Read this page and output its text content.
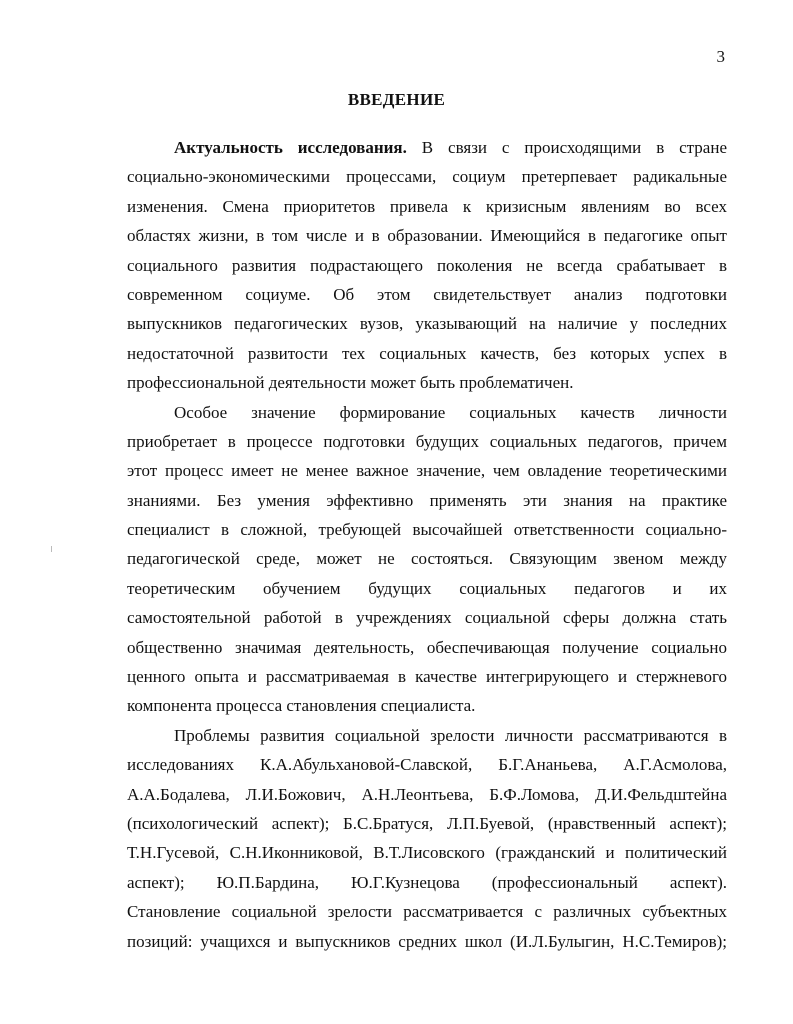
3
ВВЕДЕНИЕ
Актуальность исследования. В связи с происходящими в стране
социально-экономическими процессами, социум претерпевает радикальные
изменения. Смена приоритетов привела к кризисным явлениям во всех
областях жизни, в том числе и в образовании. Имеющийся в педагогике опыт
социального развития подрастающего поколения не всегда срабатывает в
современном социуме. Об этом свидетельствует анализ подготовки
выпускников педагогических вузов, указывающий на наличие у последних
недостаточной развитости тех социальных качеств, без которых успех в
профессиональной деятельности может быть проблематичен.
Особое значение формирование социальных качеств личности
приобретает в процессе подготовки будущих социальных педагогов, причем
этот процесс имеет не менее важное значение, чем овладение теоретическими
знаниями. Без умения эффективно применять эти знания на практике
специалист в сложной, требующей высочайшей ответственности социально-
педагогической среде, может не состояться. Связующим звеном между
теоретическим обучением будущих социальных педагогов и их
самостоятельной работой в учреждениях социальной сферы должна стать
общественно значимая деятельность, обеспечивающая получение социально
ценного опыта и рассматриваемая в качестве интегрирующего и стержневого
компонента процесса становления специалиста.
Проблемы развития социальной зрелости личности рассматриваются в
исследованиях К.А.Абульхановой-Славской, Б.Г.Ананьева, А.Г.Асмолова,
А.А.Бодалева, Л.И.Божович, А.Н.Леонтьева, Б.Ф.Ломова, Д.И.Фельдштейна
(психологический аспект); Б.С.Братуся, Л.П.Буевой, (нравственный аспект);
Т.Н.Гусевой, С.Н.Иконниковой, В.Т.Лисовского (гражданский и политический
аспект); Ю.П.Бардина, Ю.Г.Кузнецова (профессиональный аспект).
Становление социальной зрелости рассматривается с различных субъектных
позиций: учащихся и выпускников средних школ (И.Л.Булыгин, Н.С.Темиров);
